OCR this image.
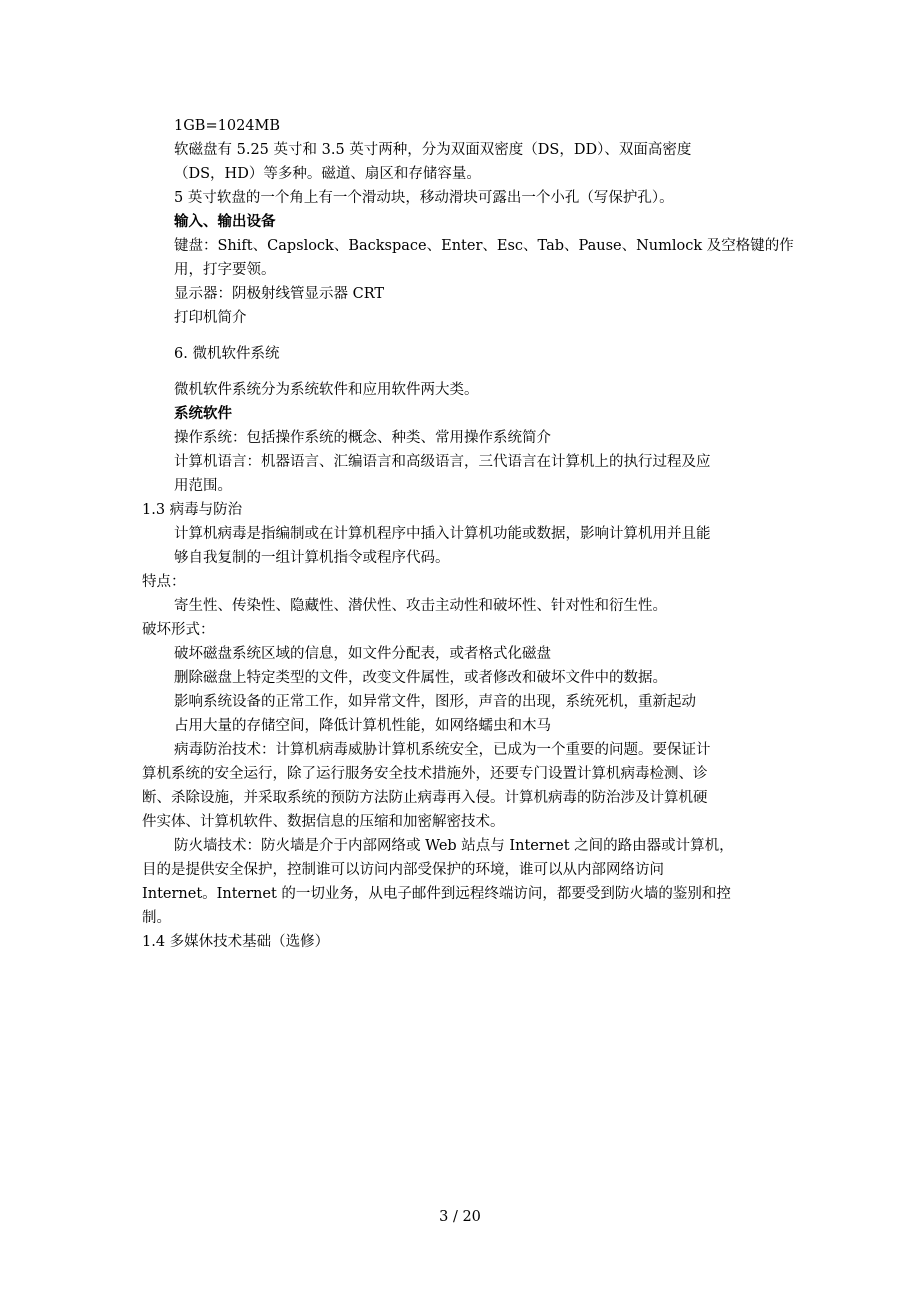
1GB=1024MB
软磁盘有 5.25 英寸和 3.5 英寸两种，分为双面双密度（DS，DD）、双面高密度
（DS，HD）等多种。磁道、扇区和存储容量。
5 英寸软盘的一个角上有一个滑动块，移动滑块可露出一个小孔（写保护孔）。
输入、输出设备
键盘：Shift、Capslock、Backspace、Enter、Esc、Tab、Pause、Numlock 及空格键的作
用，打字要领。
显示器：阴极射线管显示器 CRT
打印机简介
6. 微机软件系统
微机软件系统分为系统软件和应用软件两大类。
系统软件
操作系统：包括操作系统的概念、种类、常用操作系统简介
计算机语言：机器语言、汇编语言和高级语言，三代语言在计算机上的执行过程及应
用范围。
1.3 病毒与防治
计算机病毒是指编制或在计算机程序中插入计算机功能或数据，影响计算机用并且能
够自我复制的一组计算机指令或程序代码。
特点：
寄生性、传染性、隐藏性、潜伏性、攻击主动性和破坏性、针对性和衍生性。
破坏形式：
破坏磁盘系统区域的信息，如文件分配表，或者格式化磁盘
删除磁盘上特定类型的文件，改变文件属性，或者修改和破坏文件中的数据。
影响系统设备的正常工作，如异常文件，图形，声音的出现，系统死机，重新起动
占用大量的存储空间，降低计算机性能，如网络蠕虫和木马
病毒防治技术：计算机病毒威胁计算机系统安全，已成为一个重要的问题。要保证计
算机系统的安全运行，除了运行服务安全技术措施外，还要专门设置计算机病毒检测、诊
断、杀除设施，并采取系统的预防方法防止病毒再入侵。计算机病毒的防治涉及计算机硬
件实体、计算机软件、数据信息的压缩和加密解密技术。
防火墙技术：防火墙是介于内部网络或 Web 站点与 Internet 之间的路由器或计算机，
目的是提供安全保护，控制谁可以访问内部受保护的环境，谁可以从内部网络访问
Internet。Internet 的一切业务，从电子邮件到远程终端访问，都要受到防火墙的鉴别和控
制。
1.4 多媒休技术基础（选修）
3 / 20
